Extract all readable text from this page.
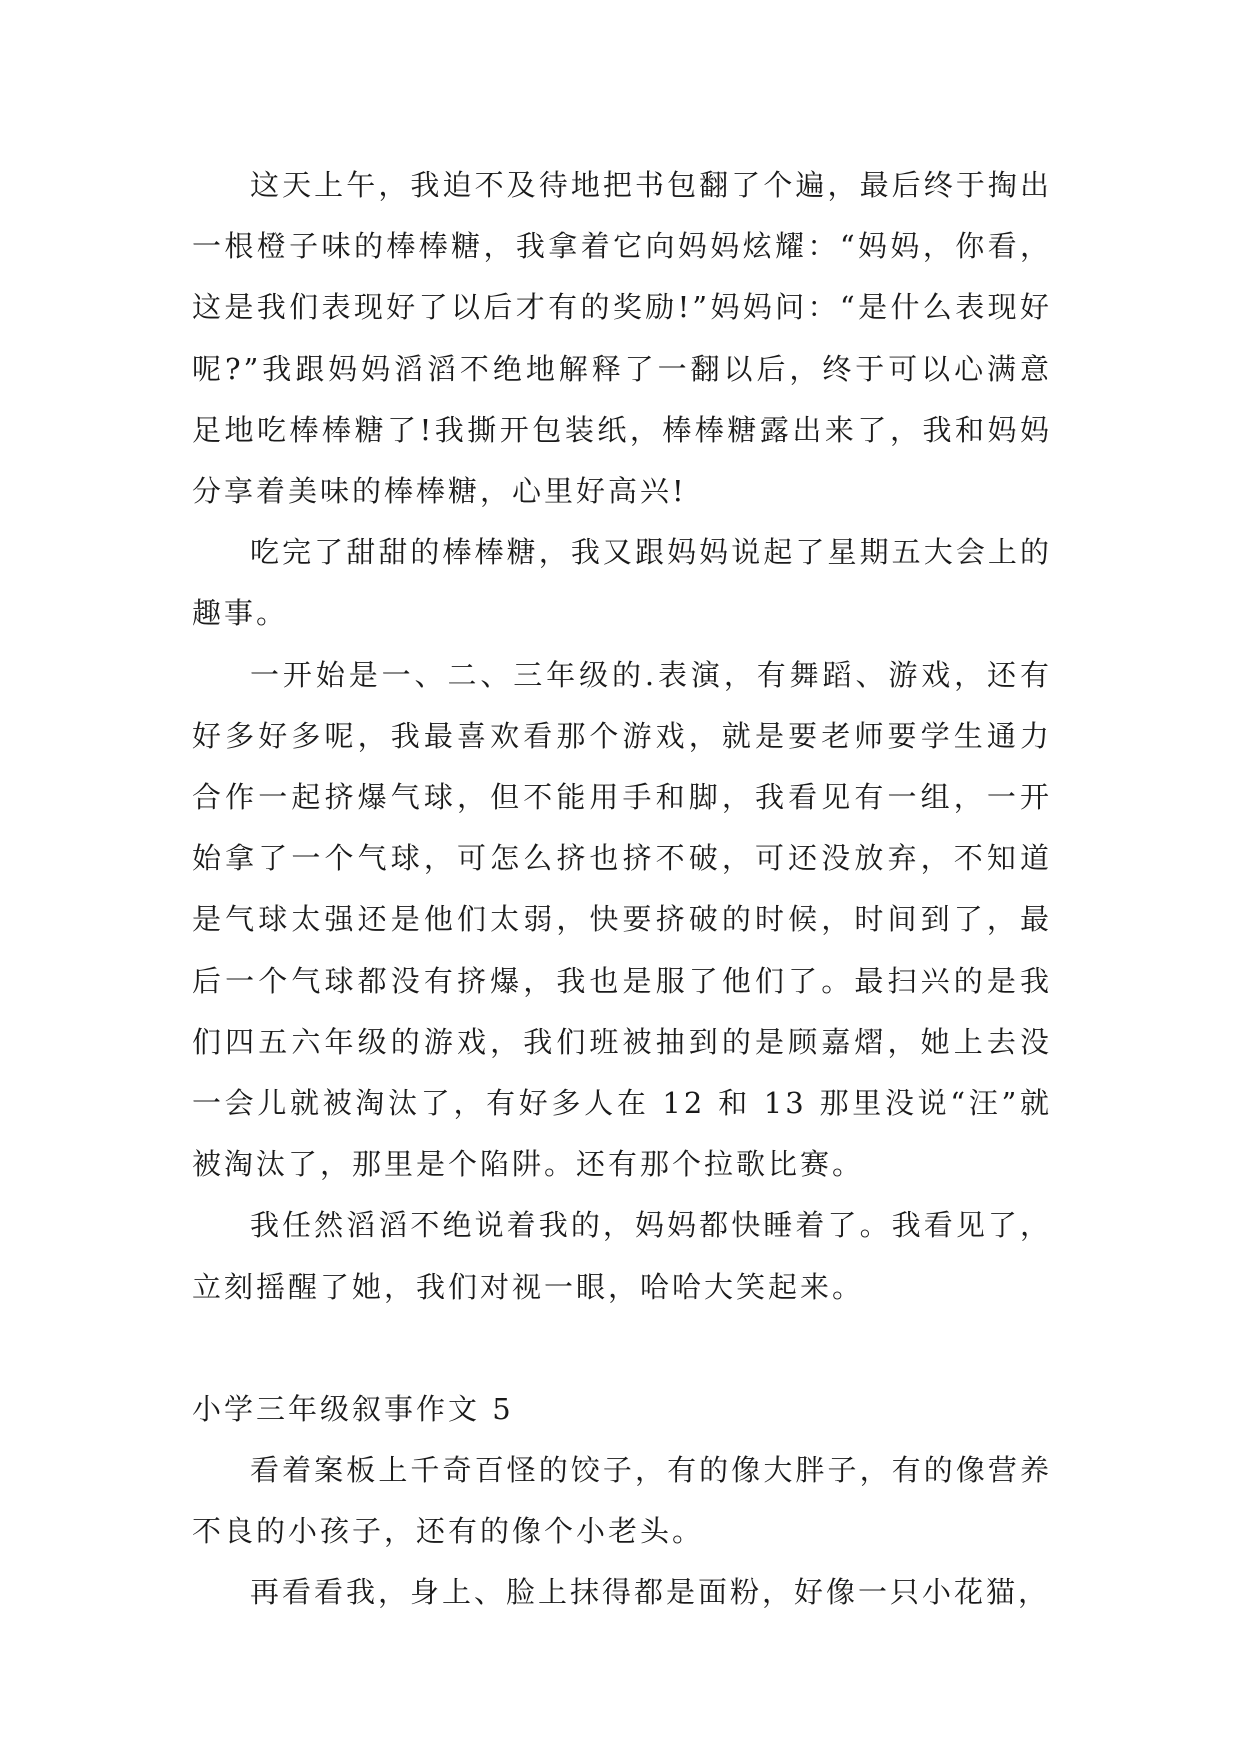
这天上午，我迫不及待地把书包翻了个遍，最后终于掏出一根橙子味的棒棒糖，我拿着它向妈妈炫耀：“妈妈，你看，这是我们表现好了以后才有的奖励!”妈妈问：“是什么表现好呢?”我跟妈妈滔滔不绝地解释了一翻以后，终于可以心满意足地吃棒棒糖了!我撕开包装纸，棒棒糖露出来了，我和妈妈分享着美味的棒棒糖，心里好高兴!

吃完了甜甜的棒棒糖，我又跟妈妈说起了星期五大会上的趣事。

一开始是一、二、三年级的.表演，有舞蹈、游戏，还有好多好多呢，我最喜欢看那个游戏，就是要老师要学生通力合作一起挤爆气球，但不能用手和脚，我看见有一组，一开始拿了一个气球，可怎么挤也挤不破，可还没放弃，不知道是气球太强还是他们太弱，快要挤破的时候，时间到了，最后一个气球都没有挤爆，我也是服了他们了。最扫兴的是我们四五六年级的游戏，我们班被抽到的是顾嘉熠，她上去没一会儿就被淘汰了，有好多人在 12 和 13 那里没说“汪”就被淘汰了，那里是个陷阱。还有那个拉歌比赛。

我任然滔滔不绝说着我的，妈妈都快睡着了。我看见了，立刻摇醒了她，我们对视一眼，哈哈大笑起来。

小学三年级叙事作文 5

看着案板上千奇百怪的饺子，有的像大胖子，有的像营养不良的小孩子，还有的像个小老头。

再看看我，身上、脸上抹得都是面粉，好像一只小花猫，
